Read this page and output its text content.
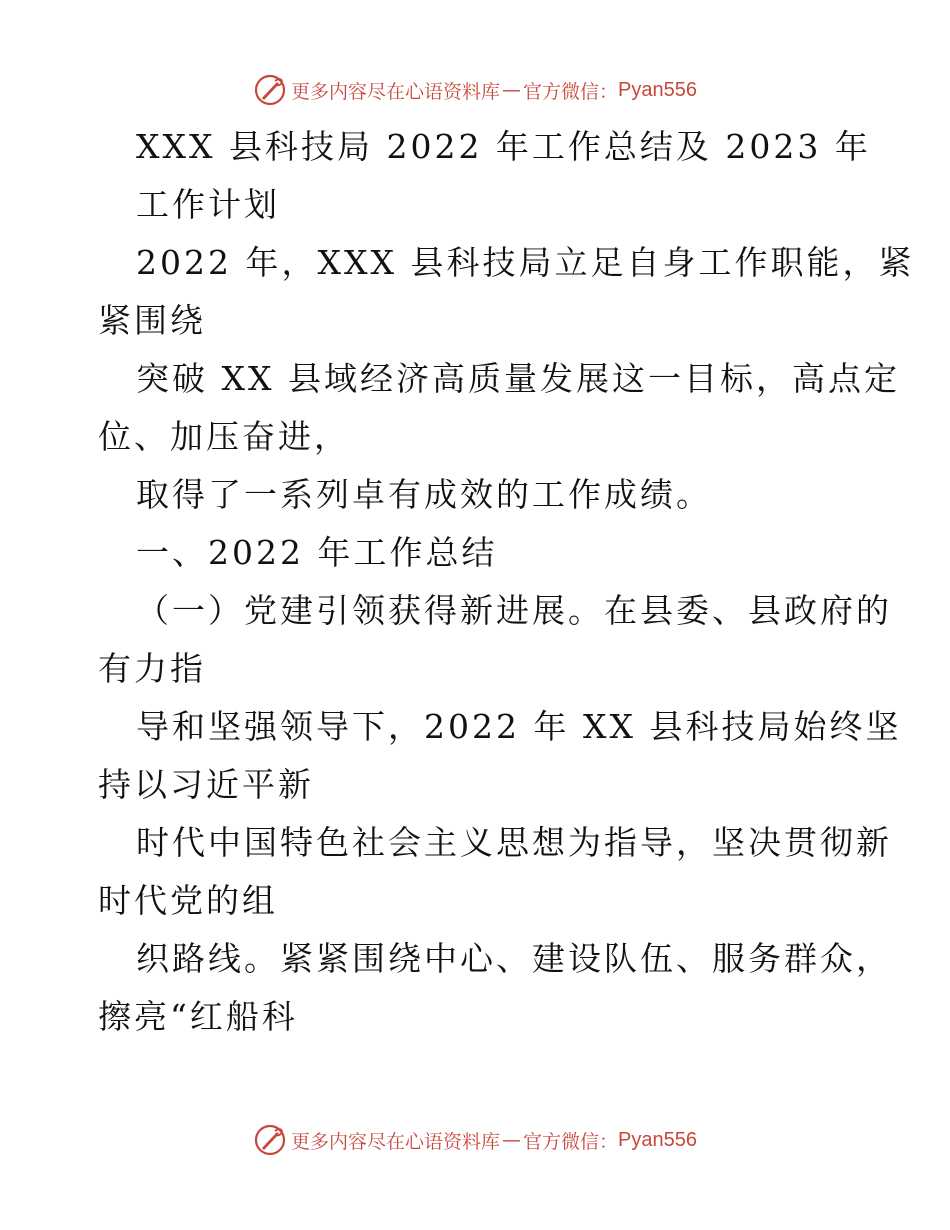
更多内容尽在心语资料库 — 官方微信： Pyan556
XXX 县科技局 2022 年工作总结及 2023 年
工作计划
2022 年，XXX 县科技局立足自身工作职能，紧
紧围绕
突破 XX 县域经济高质量发展这一目标，高点定
位、加压奋进，
取得了一系列卓有成效的工作成绩。
一、2022 年工作总结
（一）党建引领获得新进展。在县委、县政府的
有力指
导和坚强领导下，2022 年 XX 县科技局始终坚
持以习近平新
时代中国特色社会主义思想为指导，坚决贯彻新
时代党的组
织路线。紧紧围绕中心、建设队伍、服务群众，
擦亮“红船科
更多内容尽在心语资料库 — 官方微信： Pyan556
